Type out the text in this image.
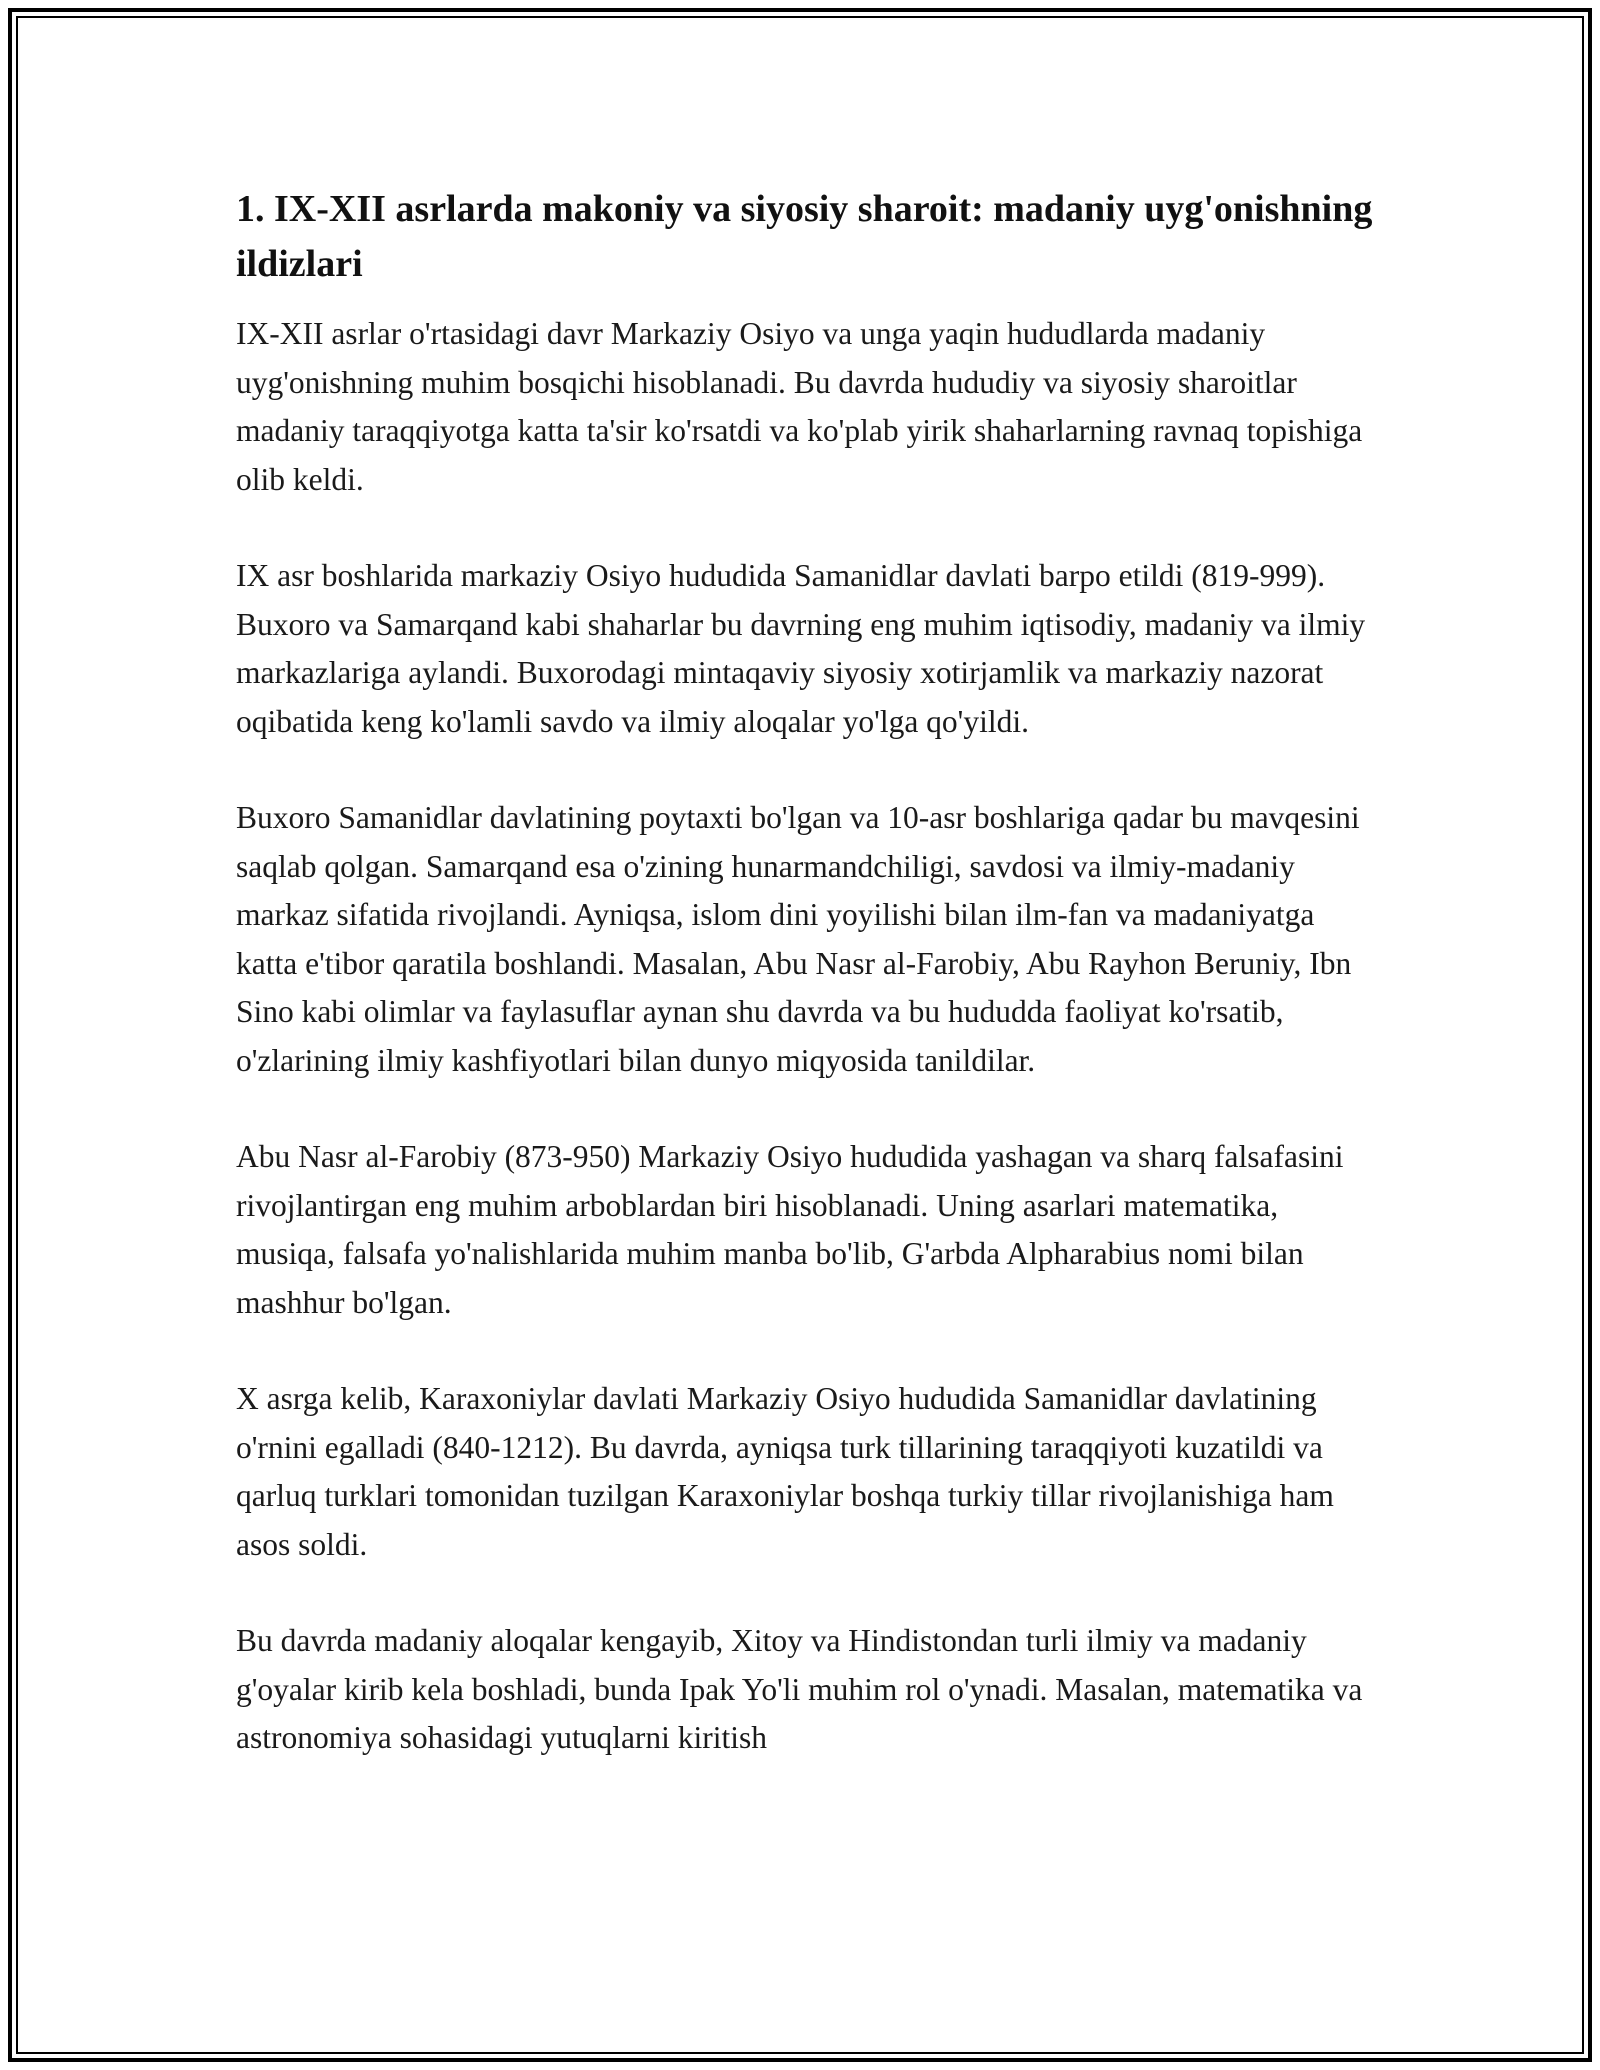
1. IX-XII asrlarda makoniy va siyosiy sharoit: madaniy uyg'onishning ildizlari

IX-XII asrlar o'rtasidagi davr Markaziy Osiyo va unga yaqin hududlarda madaniy uyg'onishning muhim bosqichi hisoblanadi. Bu davrda hududiy va siyosiy sharoitlar madaniy taraqqiyotga katta ta'sir ko'rsatdi va ko'plab yirik shaharlarning ravnaq topishiga olib keldi.

IX asr boshlarida markaziy Osiyo hududida Samanidlar davlati barpo etildi (819-999). Buxoro va Samarqand kabi shaharlar bu davrning eng muhim iqtisodiy, madaniy va ilmiy markazlariga aylandi. Buxorodagi mintaqaviy siyosiy xotirjamlik va markaziy nazorat oqibatida keng ko'lamli savdo va ilmiy aloqalar yo'lga qo'yildi.

Buxoro Samanidlar davlatining poytaxti bo'lgan va 10-asr boshlariga qadar bu mavqesini saqlab qolgan. Samarqand esa o'zining hunarmandchiligi, savdosi va ilmiy-madaniy markaz sifatida rivojlandi. Ayniqsa, islom dini yoyilishi bilan ilm-fan va madaniyatga katta e'tibor qaratila boshlandi. Masalan, Abu Nasr al-Farobiy, Abu Rayhon Beruniy, Ibn Sino kabi olimlar va faylasuflar aynan shu davrda va bu hududda faoliyat ko'rsatib, o'zlarining ilmiy kashfiyotlari bilan dunyo miqyosida tanildilar.

Abu Nasr al-Farobiy (873-950) Markaziy Osiyo hududida yashagan va sharq falsafasini rivojlantirgan eng muhim arboblardan biri hisoblanadi. Uning asarlari matematika, musiqa, falsafa yo'nalishlarida muhim manba bo'lib, G'arbda Alpharabius nomi bilan mashhur bo'lgan.

X asrga kelib, Karaxoniylar davlati Markaziy Osiyo hududida Samanidlar davlatining o'rnini egalladi (840-1212). Bu davrda, ayniqsa turk tillarining taraqqiyoti kuzatildi va qarluq turklari tomonidan tuzilgan Karaxoniylar boshqa turkiy tillar rivojlanishiga ham asos soldi.

Bu davrda madaniy aloqalar kengayib, Xitoy va Hindistondan turli ilmiy va madaniy g'oyalar kirib kela boshladi, bunda Ipak Yo'li muhim rol o'ynadi. Masalan, matematika va astronomiya sohasidagi yutuqlarni kiritish
